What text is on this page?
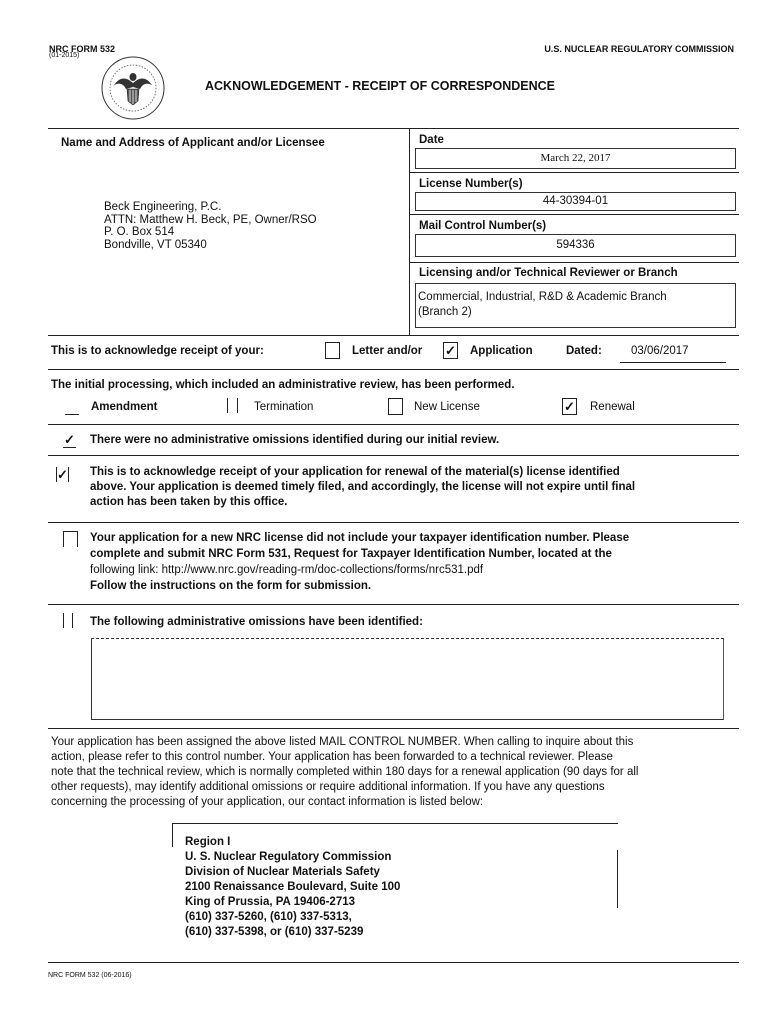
NRC FORM 532
(01-2015)
U.S. NUCLEAR REGULATORY COMMISSION
ACKNOWLEDGEMENT - RECEIPT OF CORRESPONDENCE
Name and Address of Applicant and/or Licensee
Beck Engineering, P.C.
ATTN: Matthew H. Beck, PE, Owner/RSO
P. O. Box 514
Bondville, VT 05340
Date
March 22, 2017
License Number(s)
44-30394-01
Mail Control Number(s)
594336
Licensing and/or Technical Reviewer or Branch
Commercial, Industrial, R&D & Academic Branch
(Branch 2)
This is to acknowledge receipt of your:	Letter and/or ✓ Application	Dated:	03/06/2017
The initial processing, which included an administrative review, has been performed.
Amendment	Termination	New License	✓ Renewal
✓ There were no administrative omissions identified during our initial review.
✓ This is to acknowledge receipt of your application for renewal of the material(s) license identified
above. Your application is deemed timely filed, and accordingly, the license will not expire until final
action has been taken by this office.
Your application for a new NRC license did not include your taxpayer identification number. Please
complete and submit NRC Form 531, Request for Taxpayer Identification Number, located at the
following link: http://www.nrc.gov/reading-rm/doc-collections/forms/nrc531.pdf
Follow the instructions on the form for submission.
The following administrative omissions have been identified:
Your application has been assigned the above listed MAIL CONTROL NUMBER. When calling to inquire about this
action, please refer to this control number. Your application has been forwarded to a technical reviewer. Please
note that the technical review, which is normally completed within 180 days for a renewal application (90 days for all
other requests), may identify additional omissions or require additional information. If you have any questions
concerning the processing of your application, our contact information is listed below:
Region I
U. S. Nuclear Regulatory Commission
Division of Nuclear Materials Safety
2100 Renaissance Boulevard, Suite 100
King of Prussia, PA 19406-2713
(610) 337-5260, (610) 337-5313,
(610) 337-5398, or (610) 337-5239
NRC FORM 532 (06-2016)
